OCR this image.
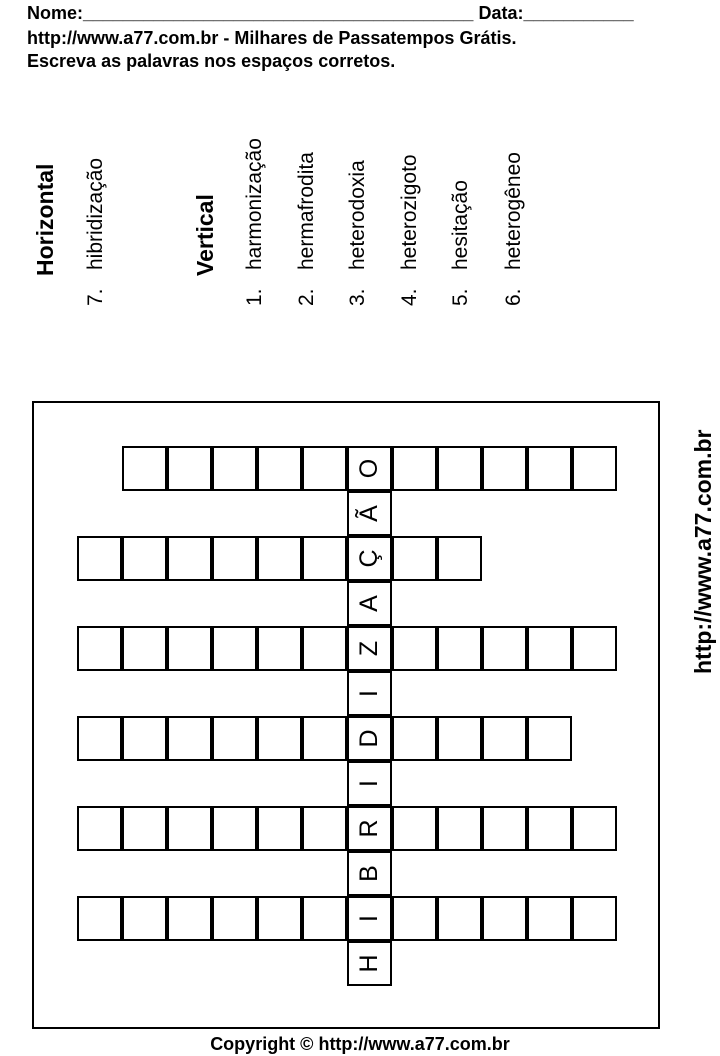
Nome:_______________________________________ Data:___________
http://www.a77.com.br - Milhares de Passatempos Grátis.
Escreva as palavras nos espaços corretos.
Horizontal
7.hibridização	Vertical
1.harmonização
2.hermafrodita
3.heterodoxia
4.heterozigoto
5.hesitação
6.heterogêneo
H
I
B
R
I
D
I
Z
A
Ç
Ã
O	http://www.a77.com.br
Copyright © http://www.a77.com.br
